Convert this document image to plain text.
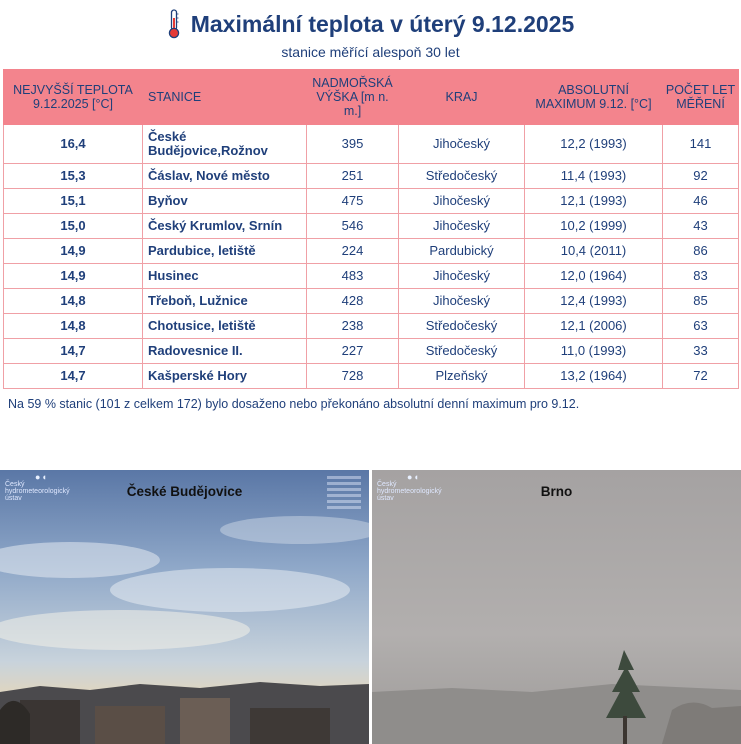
Maximální teplota v úterý 9.12.2025
stanice měřící alespoň 30 let
NEJVYŠŠÍ TEPLOTA 9.12.2025 [°C]	STANICE	NADMOŘSKÁ VÝŠKA [m n. m.]	KRAJ	ABSOLUTNÍ MAXIMUM 9.12. [°C]	POČET LET MĚŘENÍ
16,4	České Budějovice,Rožnov	395	Jihočeský	12,2 (1993)	141
15,3	Čáslav, Nové město	251	Středočeský	11,4 (1993)	92
15,1	Byňov	475	Jihočeský	12,1 (1993)	46
15,0	Český Krumlov, Srnín	546	Jihočeský	10,2 (1999)	43
14,9	Pardubice, letiště	224	Pardubický	10,4 (2011)	86
14,9	Husinec	483	Jihočeský	12,0 (1964)	83
14,8	Třeboň, Lužnice	428	Jihočeský	12,4 (1993)	85
14,8	Chotusice, letiště	238	Středočeský	12,1 (2006)	63
14,7	Radovesnice II.	227	Středočeský	11,0 (1993)	33
14,7	Kašperské Hory	728	Plzeňský	13,2 (1964)	72
Na 59 % stanic (101 z celkem 172) bylo dosaženo nebo překonáno absolutní denní maximum pro 9.12.
●◖
Český hydrometeorologický ústav	České Budějovice
●◖
Český hydrometeorologický ústav	Brno
